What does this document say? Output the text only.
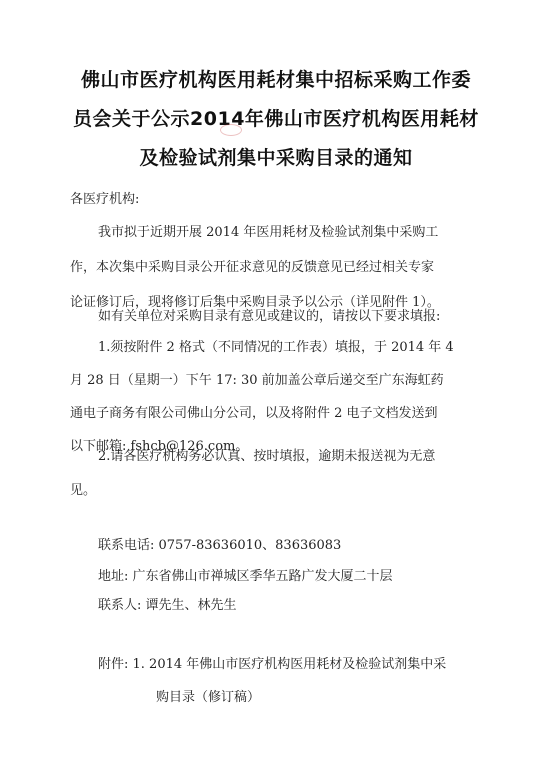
佛山市医疗机构医用耗材集中招标采购工作委
员会关于公示2014年佛山市医疗机构医用耗材
及检验试剂集中采购目录的通知
各医疗机构:
我市拟于近期开展 2014 年医用耗材及检验试剂集中采购工
作，本次集中采购目录公开征求意见的反馈意见已经过相关专家
论证修订后，现将修订后集中采购目录予以公示（详见附件 1）。
如有关单位对采购目录有意见或建议的，请按以下要求填报:
1.须按附件 2 格式（不同情况的工作表）填报，于 2014 年 4
月 28 日（星期一）下午 17: 30 前加盖公章后递交至广东海虹药
通电子商务有限公司佛山分公司，以及将附件 2 电子文档发送到
以下邮箱: fshcb@126.com。
2.请各医疗机构务必认真、按时填报，逾期未报送视为无意
见。
联系电话: 0757-83636010、83636083
地址: 广东省佛山市禅城区季华五路广发大厦二十层
联系人: 谭先生、林先生
附件: 1. 2014 年佛山市医疗机构医用耗材及检验试剂集中采
购目录（修订稿）
